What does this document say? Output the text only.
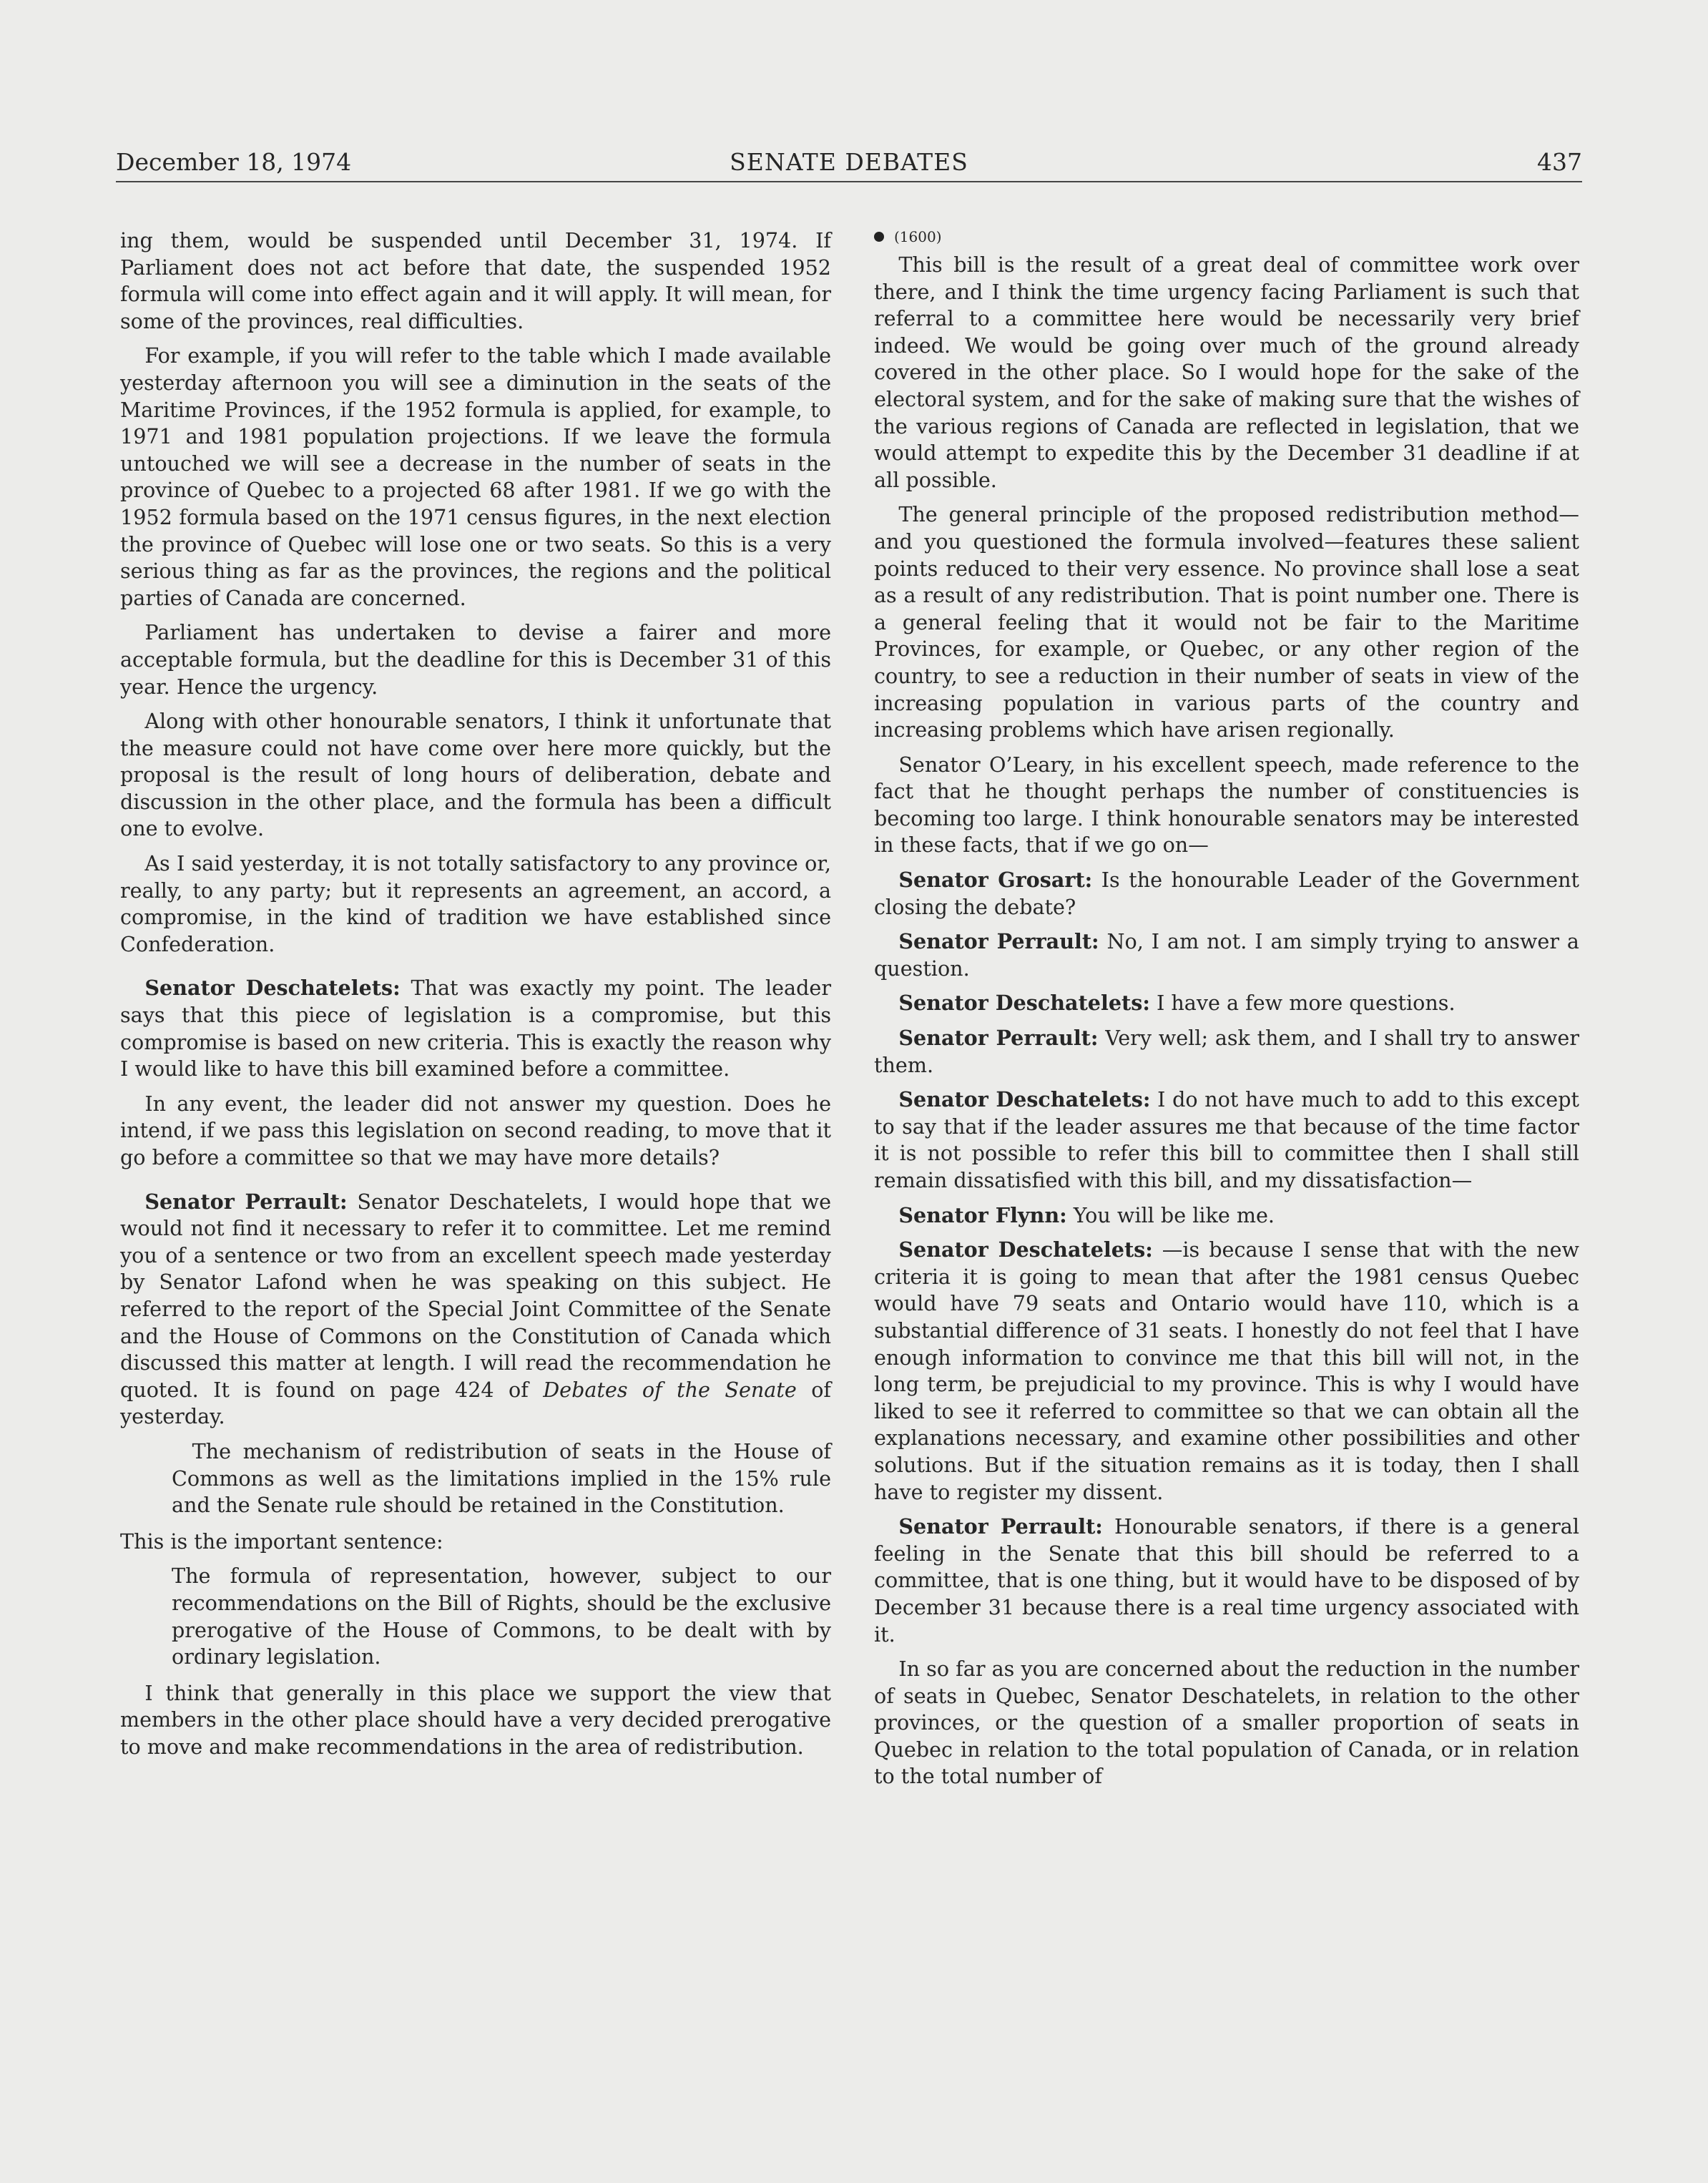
December 18, 1974	SENATE DEBATES	437

ing them, would be suspended until December 31, 1974. If Parliament does not act before that date, the suspended 1952 formula will come into effect again and it will apply. It will mean, for some of the provinces, real difficulties.

For example, if you will refer to the table which I made available yesterday afternoon you will see a diminution in the seats of the Maritime Provinces, if the 1952 formula is applied, for example, to 1971 and 1981 population projections. If we leave the formula untouched we will see a decrease in the number of seats in the province of Quebec to a projected 68 after 1981. If we go with the 1952 formula based on the 1971 census figures, in the next election the province of Quebec will lose one or two seats. So this is a very serious thing as far as the provinces, the regions and the political parties of Canada are concerned.

Parliament has undertaken to devise a fairer and more acceptable formula, but the deadline for this is December 31 of this year. Hence the urgency.

Along with other honourable senators, I think it unfortunate that the measure could not have come over here more quickly, but the proposal is the result of long hours of deliberation, debate and discussion in the other place, and the formula has been a difficult one to evolve.

As I said yesterday, it is not totally satisfactory to any province or, really, to any party; but it represents an agreement, an accord, a compromise, in the kind of tradition we have established since Confederation.

Senator Deschatelets: That was exactly my point. The leader says that this piece of legislation is a compromise, but this compromise is based on new criteria. This is exactly the reason why I would like to have this bill examined before a committee.

In any event, the leader did not answer my question. Does he intend, if we pass this legislation on second reading, to move that it go before a committee so that we may have more details?

Senator Perrault: Senator Deschatelets, I would hope that we would not find it necessary to refer it to committee. Let me remind you of a sentence or two from an excellent speech made yesterday by Senator Lafond when he was speaking on this subject. He referred to the report of the Special Joint Committee of the Senate and the House of Commons on the Constitution of Canada which discussed this matter at length. I will read the recommendation he quoted. It is found on page 424 of Debates of the Senate of yesterday.

The mechanism of redistribution of seats in the House of Commons as well as the limitations implied in the 15% rule and the Senate rule should be retained in the Constitution.

This is the important sentence:

The formula of representation, however, subject to our recommendations on the Bill of Rights, should be the exclusive prerogative of the House of Commons, to be dealt with by ordinary legislation.

I think that generally in this place we support the view that members in the other place should have a very decided prerogative to move and make recommendations in the area of redistribution.

(1600)

This bill is the result of a great deal of committee work over there, and I think the time urgency facing Parliament is such that referral to a committee here would be necessarily very brief indeed. We would be going over much of the ground already covered in the other place. So I would hope for the sake of the electoral system, and for the sake of making sure that the wishes of the various regions of Canada are reflected in legislation, that we would attempt to expedite this by the December 31 deadline if at all possible.

The general principle of the proposed redistribution method—and you questioned the formula involved—features these salient points reduced to their very essence. No province shall lose a seat as a result of any redistribution. That is point number one. There is a general feeling that it would not be fair to the Maritime Provinces, for example, or Quebec, or any other region of the country, to see a reduction in their number of seats in view of the increasing population in various parts of the country and increasing problems which have arisen regionally.

Senator O’Leary, in his excellent speech, made reference to the fact that he thought perhaps the number of constituencies is becoming too large. I think honourable senators may be interested in these facts, that if we go on—

Senator Grosart: Is the honourable Leader of the Government closing the debate?

Senator Perrault: No, I am not. I am simply trying to answer a question.

Senator Deschatelets: I have a few more questions.

Senator Perrault: Very well; ask them, and I shall try to answer them.

Senator Deschatelets: I do not have much to add to this except to say that if the leader assures me that because of the time factor it is not possible to refer this bill to committee then I shall still remain dissatisfied with this bill, and my dissatisfaction—

Senator Flynn: You will be like me.

Senator Deschatelets: —is because I sense that with the new criteria it is going to mean that after the 1981 census Quebec would have 79 seats and Ontario would have 110, which is a substantial difference of 31 seats. I honestly do not feel that I have enough information to convince me that this bill will not, in the long term, be prejudicial to my province. This is why I would have liked to see it referred to committee so that we can obtain all the explanations necessary, and examine other possibilities and other solutions. But if the situation remains as it is today, then I shall have to register my dissent.

Senator Perrault: Honourable senators, if there is a general feeling in the Senate that this bill should be referred to a committee, that is one thing, but it would have to be disposed of by December 31 because there is a real time urgency associated with it.

In so far as you are concerned about the reduction in the number of seats in Quebec, Senator Deschatelets, in relation to the other provinces, or the question of a smaller proportion of seats in Quebec in relation to the total population of Canada, or in relation to the total number of
